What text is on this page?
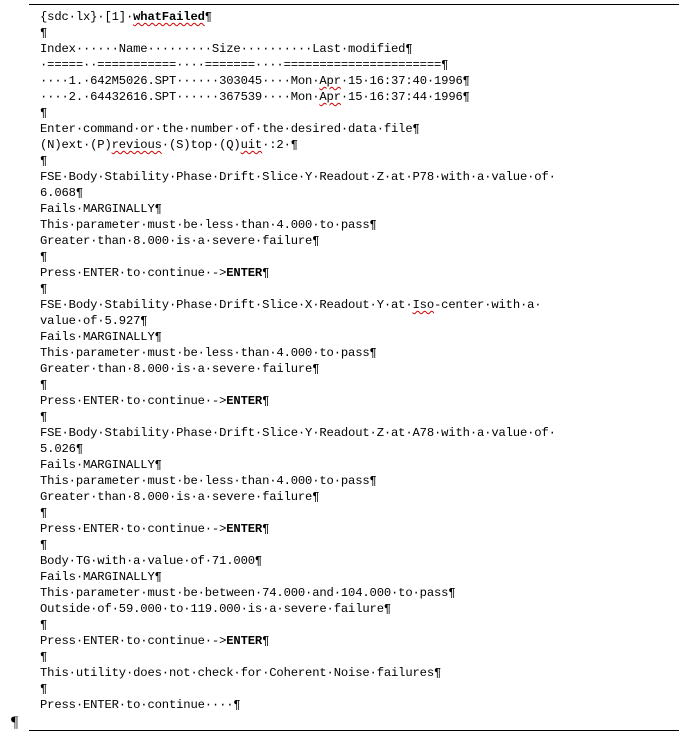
{sdc·lx}·[1]·whatFailed¶
¶
Index······Name·········Size··········Last·modified¶
·=====··===========····=======····======================¶
····1.·642M5026.SPT······303045····Mon·Apr·15·16:37:40·1996¶
····2.·64432616.SPT······367539····Mon·Apr·15·16:37:44·1996¶
¶
Enter·command·or·the·number·of·the·desired·data·file¶
(N)ext·(P)revious·(S)top·(Q)uit·:2·¶
¶
FSE·Body·Stability·Phase·Drift·Slice·Y·Readout·Z·at·P78·with·a·value·of·
6.068¶
Fails·MARGINALLY¶
This·parameter·must·be·less·than·4.000·to·pass¶
Greater·than·8.000·is·a·severe·failure¶
¶
Press·ENTER·to·continue·->ENTER¶
¶
FSE·Body·Stability·Phase·Drift·Slice·X·Readout·Y·at·Iso-center·with·a·
value·of·5.927¶
Fails·MARGINALLY¶
This·parameter·must·be·less·than·4.000·to·pass¶
Greater·than·8.000·is·a·severe·failure¶
¶
Press·ENTER·to·continue·->ENTER¶
¶
FSE·Body·Stability·Phase·Drift·Slice·Y·Readout·Z·at·A78·with·a·value·of·
5.026¶
Fails·MARGINALLY¶
This·parameter·must·be·less·than·4.000·to·pass¶
Greater·than·8.000·is·a·severe·failure¶
¶
Press·ENTER·to·continue·->ENTER¶
¶
Body·TG·with·a·value·of·71.000¶
Fails·MARGINALLY¶
This·parameter·must·be·between·74.000·and·104.000·to·pass¶
Outside·of·59.000·to·119.000·is·a·severe·failure¶
¶
Press·ENTER·to·continue·->ENTER¶
¶
This·utility·does·not·check·for·Coherent·Noise·failures¶
¶
Press·ENTER·to·continue····¶
¶
